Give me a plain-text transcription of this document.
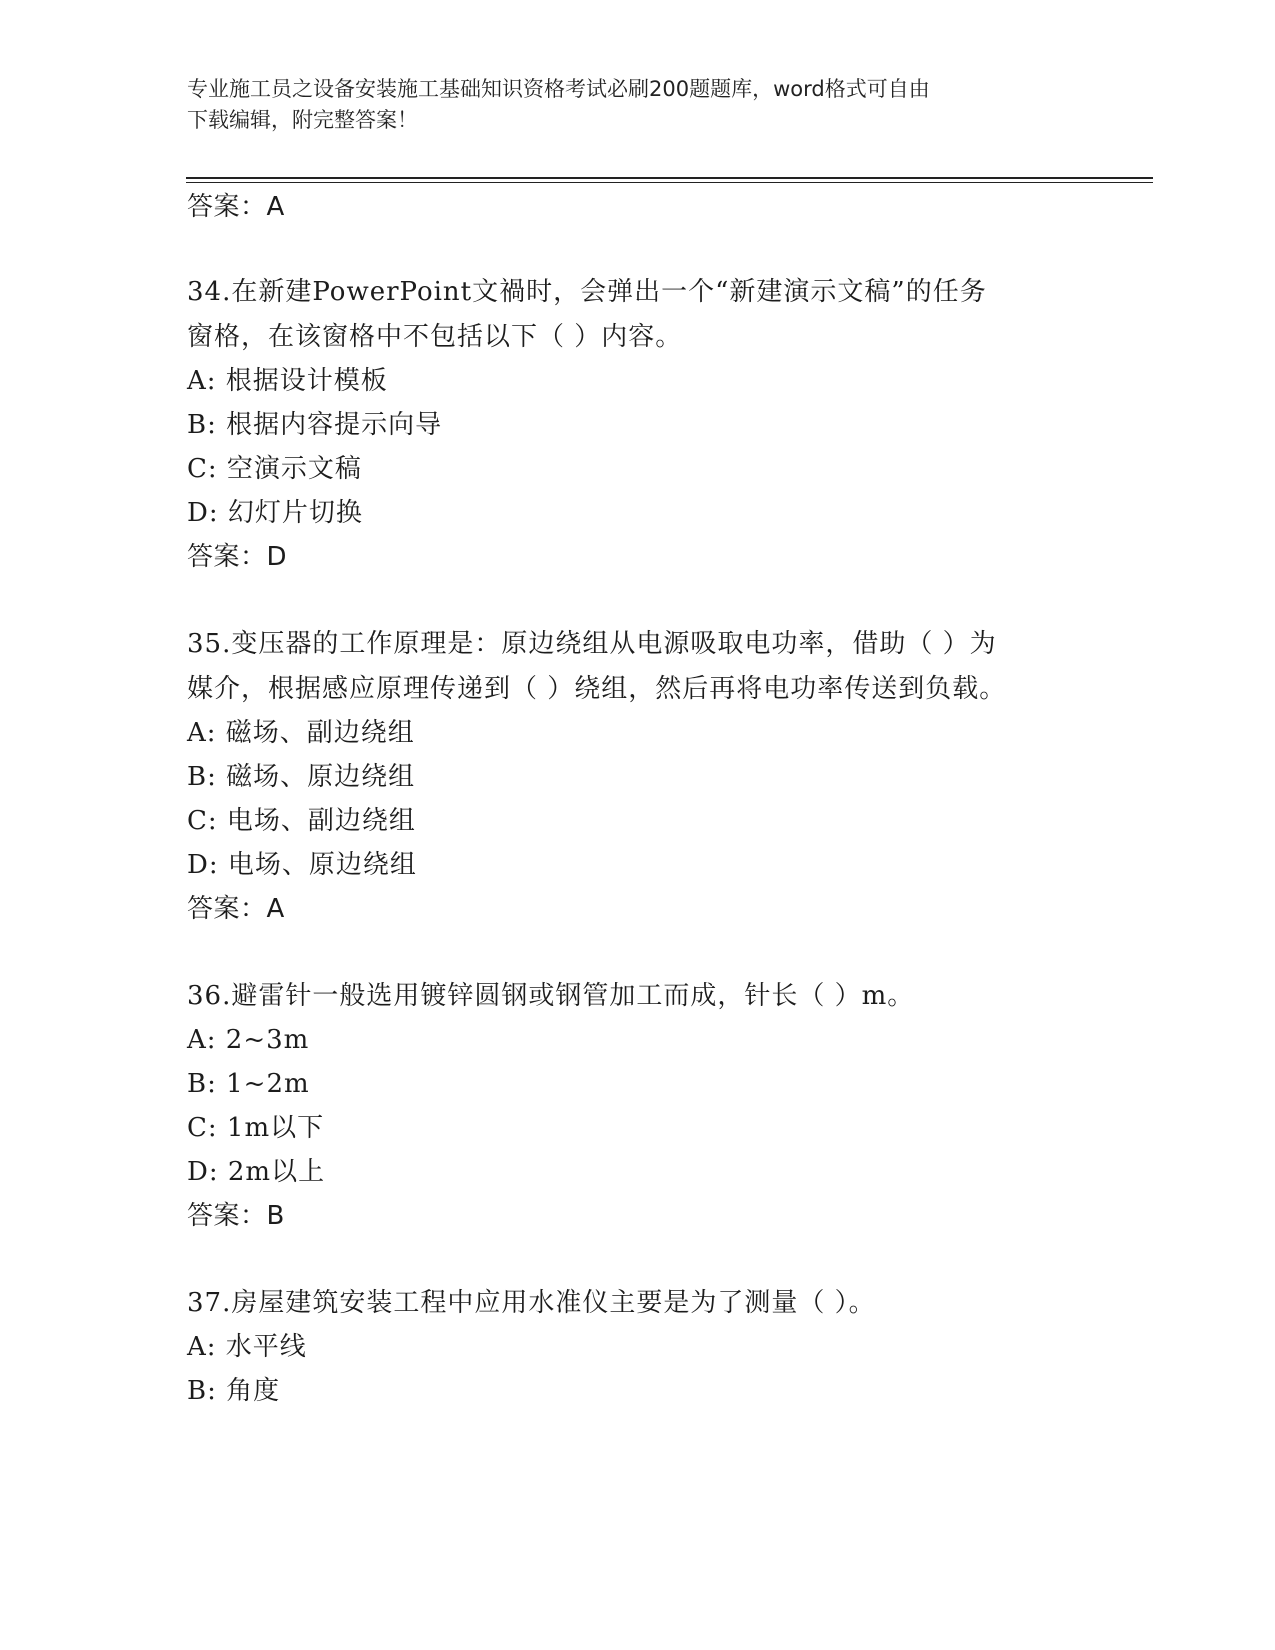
专业施工员之设备安装施工基础知识资格考试必刷200题题库，word格式可自由
下载编辑，附完整答案！
答案：A
34.在新建PowerPoint文禍时，会弹出一个“新建演示文稿”的任务
窗格，在该窗格中不包括以下（ ）内容。
A: 根据设计模板
B: 根据内容提示向导
C: 空演示文稿
D: 幻灯片切换
答案：D
35.变压器的工作原理是：原边绕组从电源吸取电功率，借助（ ）为
媒介，根据感应原理传递到（ ）绕组，然后再将电功率传送到负载。
A: 磁场、副边绕组
B: 磁场、原边绕组
C: 电场、副边绕组
D: 电场、原边绕组
答案：A
36.避雷针一般选用镀锌圆钢或钢管加工而成，针长（ ）m。
A: 2~3m
B: 1~2m
C: 1m以下
D: 2m以上
答案：B
37.房屋建筑安装工程中应用水准仪主要是为了测量（ ）。
A: 水平线
B: 角度
